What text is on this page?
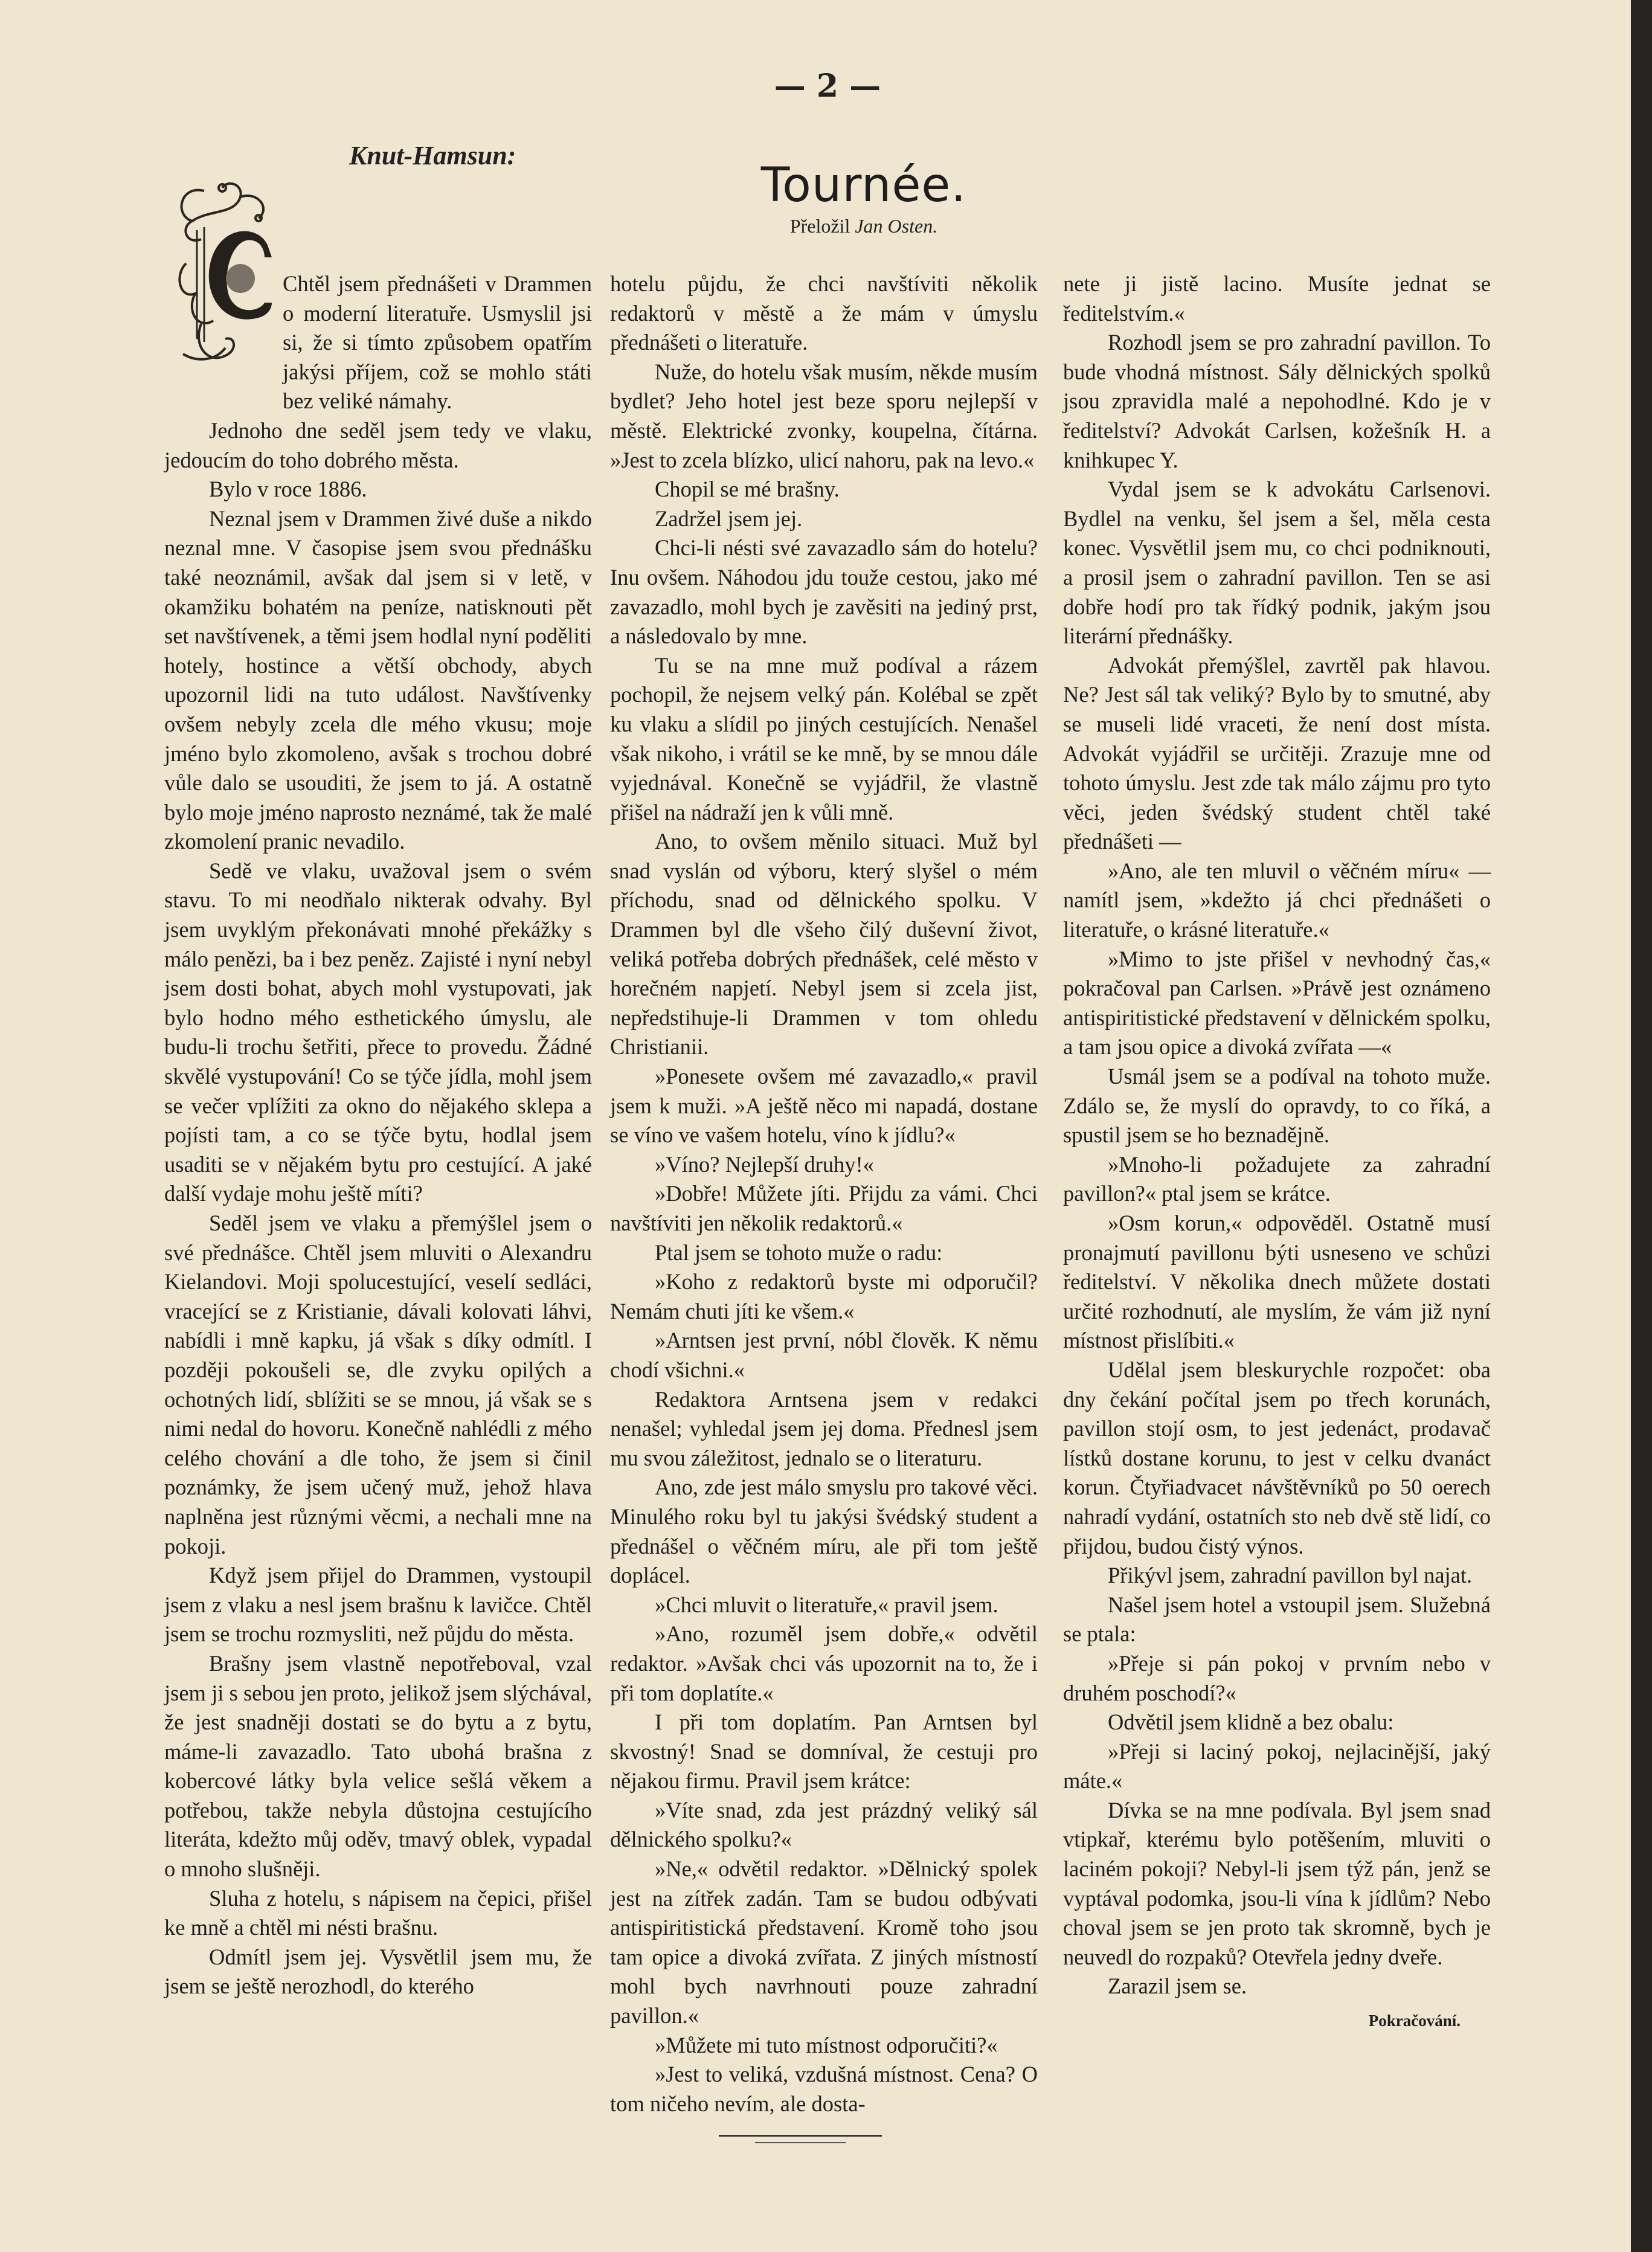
— 2 —
Knut-Hamsun:
Tournée.
Přeložil Jan Osten.

Chtěl jsem přednášeti v Drammen o moderní literatuře. Usmyslil jsi si, že si tímto způsobem opatřím jakýsi příjem, což se mohlo státi bez veliké námahy.

Jednoho dne seděl jsem tedy ve vlaku, jedoucím do toho dobrého města.

Bylo v roce 1886.

Neznal jsem v Drammen živé duše a nikdo neznal mne. V časopise jsem svou přednášku také neoznámil, avšak dal jsem si v letě, v okamžiku bohatém na peníze, natisknouti pět set navštívenek, a těmi jsem hodlal nyní poděliti hotely, hostince a větší obchody, abych upozornil lidi na tuto událost. Navštívenky ovšem nebyly zcela dle mého vkusu; moje jméno bylo zkomoleno, avšak s trochou dobré vůle dalo se usouditi, že jsem to já. A ostatně bylo moje jméno naprosto neznámé, tak že malé zkomolení pranic nevadilo.

Sedě ve vlaku, uvažoval jsem o svém stavu. To mi neodňalo nikterak odvahy. Byl jsem uvyklým překonávati mnohé překážky s málo penězi, ba i bez peněz. Zajisté i nyní nebyl jsem dosti bohat, abych mohl vystupovati, jak bylo hodno mého esthetického úmyslu, ale budu-li trochu šetřiti, přece to provedu. Žádné skvělé vystupování! Co se týče jídla, mohl jsem se večer vplížiti za okno do nějakého sklepa a pojísti tam, a co se týče bytu, hodlal jsem usaditi se v nějakém bytu pro cestující. A jaké další vydaje mohu ještě míti?

Seděl jsem ve vlaku a přemýšlel jsem o své přednášce. Chtěl jsem mluviti o Alexandru Kielandovi. Moji spolucestující, veselí sedláci, vracející se z Kristianie, dávali kolovati láhvi, nabídli i mně kapku, já však s díky odmítl. I později pokoušeli se, dle zvyku opilých a ochotných lidí, sblížiti se se mnou, já však se s nimi nedal do hovoru. Konečně nahlédli z mého celého chování a dle toho, že jsem si činil poznámky, že jsem učený muž, jehož hlava naplněna jest různými věcmi, a nechali mne na pokoji.

Když jsem přijel do Drammen, vystoupil jsem z vlaku a nesl jsem brašnu k lavičce. Chtěl jsem se trochu rozmysliti, než půjdu do města.

Brašny jsem vlastně nepotřeboval, vzal jsem ji s sebou jen proto, jelikož jsem slýchával, že jest snadněji dostati se do bytu a z bytu, máme-li zavazadlo. Tato ubohá brašna z kobercové látky byla velice sešlá věkem a potřebou, takže nebyla důstojna cestujícího literáta, kdežto můj oděv, tmavý oblek, vypadal o mnoho slušněji.

Sluha z hotelu, s nápisem na čepici, přišel ke mně a chtěl mi nésti brašnu.

Odmítl jsem jej. Vysvětlil jsem mu, že jsem se ještě nerozhodl, do kterého

hotelu půjdu, že chci navštíviti několik redaktorů v městě a že mám v úmyslu přednášeti o literatuře.

Nuže, do hotelu však musím, někde musím bydlet? Jeho hotel jest beze sporu nejlepší v městě. Elektrické zvonky, koupelna, čítárna. »Jest to zcela blízko, ulicí nahoru, pak na levo.«

Chopil se mé brašny.

Zadržel jsem jej.

Chci-li nésti své zavazadlo sám do hotelu? Inu ovšem. Náhodou jdu touže cestou, jako mé zavazadlo, mohl bych je zavěsiti na jediný prst, a následovalo by mne.

Tu se na mne muž podíval a rázem pochopil, že nejsem velký pán. Kolébal se zpět ku vlaku a slídil po jiných cestujících. Nenašel však nikoho, i vrátil se ke mně, by se mnou dále vyjednával. Konečně se vyjádřil, že vlastně přišel na nádraží jen k vůli mně.

Ano, to ovšem měnilo situaci. Muž byl snad vyslán od výboru, který slyšel o mém příchodu, snad od dělnického spolku. V Drammen byl dle všeho čilý duševní život, veliká potřeba dobrých přednášek, celé město v horečném napjetí. Nebyl jsem si zcela jist, nepředstihuje-li Drammen v tom ohledu Christianii.

»Ponesete ovšem mé zavazadlo,« pravil jsem k muži. »A ještě něco mi napadá, dostane se víno ve vašem hotelu, víno k jídlu?«

»Víno? Nejlepší druhy!«

»Dobře! Můžete jíti. Přijdu za vámi. Chci navštíviti jen několik redaktorů.«

Ptal jsem se tohoto muže o radu:

»Koho z redaktorů byste mi odporučil? Nemám chuti jíti ke všem.«

»Arntsen jest první, nóbl člověk. K němu chodí všichni.«

Redaktora Arntsena jsem v redakci nenašel; vyhledal jsem jej doma. Přednesl jsem mu svou záležitost, jednalo se o literaturu.

Ano, zde jest málo smyslu pro takové věci. Minulého roku byl tu jakýsi švédský student a přednášel o věčném míru, ale při tom ještě doplácel.

»Chci mluvit o literatuře,« pravil jsem.

»Ano, rozuměl jsem dobře,« odvětil redaktor. »Avšak chci vás upozornit na to, že i při tom doplatíte.«

I při tom doplatím. Pan Arntsen byl skvostný! Snad se domníval, že cestuji pro nějakou firmu. Pravil jsem krátce:

»Víte snad, zda jest prázdný veliký sál dělnického spolku?«

»Ne,« odvětil redaktor. »Dělnický spolek jest na zítřek zadán. Tam se budou odbývati antispiritistická představení. Kromě toho jsou tam opice a divoká zvířata. Z jiných místností mohl bych navrhnouti pouze zahradní pavillon.«

»Můžete mi tuto místnost odporučiti?«

»Jest to veliká, vzdušná místnost. Cena? O tom ničeho nevím, ale dosta-

nete ji jistě lacino. Musíte jednat se ředitelstvím.«

Rozhodl jsem se pro zahradní pavillon. To bude vhodná místnost. Sály dělnických spolků jsou zpravidla malé a nepohodlné. Kdo je v ředitelství? Advokát Carlsen, kožešník H. a knihkupec Y.

Vydal jsem se k advokátu Carlsenovi. Bydlel na venku, šel jsem a šel, měla cesta konec. Vysvětlil jsem mu, co chci podniknouti, a prosil jsem o zahradní pavillon. Ten se asi dobře hodí pro tak řídký podnik, jakým jsou literární přednášky.

Advokát přemýšlel, zavrtěl pak hlavou. Ne? Jest sál tak veliký? Bylo by to smutné, aby se museli lidé vraceti, že není dost místa. Advokát vyjádřil se určitěji. Zrazuje mne od tohoto úmyslu. Jest zde tak málo zájmu pro tyto věci, jeden švédský student chtěl také přednášeti —

»Ano, ale ten mluvil o věčném míru« — namítl jsem, »kdežto já chci přednášeti o literatuře, o krásné literatuře.«

»Mimo to jste přišel v nevhodný čas,« pokračoval pan Carlsen. »Právě jest oznámeno antispiritistické představení v dělnickém spolku, a tam jsou opice a divoká zvířata —«

Usmál jsem se a podíval na tohoto muže. Zdálo se, že myslí do opravdy, to co říká, a spustil jsem se ho beznadějně.

»Mnoho-li požadujete za zahradní pavillon?« ptal jsem se krátce.

»Osm korun,« odpověděl. Ostatně musí pronajmutí pavillonu býti usneseno ve schůzi ředitelství. V několika dnech můžete dostati určité rozhodnutí, ale myslím, že vám již nyní místnost přislíbiti.«

Udělal jsem bleskurychle rozpočet: oba dny čekání počítal jsem po třech korunách, pavillon stojí osm, to jest jedenáct, prodavač lístků dostane korunu, to jest v celku dvanáct korun. Čtyřiadvacet návštěvníků po 50 oerech nahradí vydání, ostatních sto neb dvě stě lidí, co přijdou, budou čistý výnos.

Přikývl jsem, zahradní pavillon byl najat.

Našel jsem hotel a vstoupil jsem. Služebná se ptala:

»Přeje si pán pokoj v prvním nebo v druhém poschodí?«

Odvětil jsem klidně a bez obalu:

»Přeji si laciný pokoj, nejlacinější, jaký máte.«

Dívka se na mne podívala. Byl jsem snad vtipkař, kterému bylo potěšením, mluviti o laciném pokoji? Nebyl-li jsem týž pán, jenž se vyptával podomka, jsou-li vína k jídlům? Nebo choval jsem se jen proto tak skromně, bych je neuvedl do rozpaků? Otevřela jedny dveře.

Zarazil jsem se.

Pokračování.
